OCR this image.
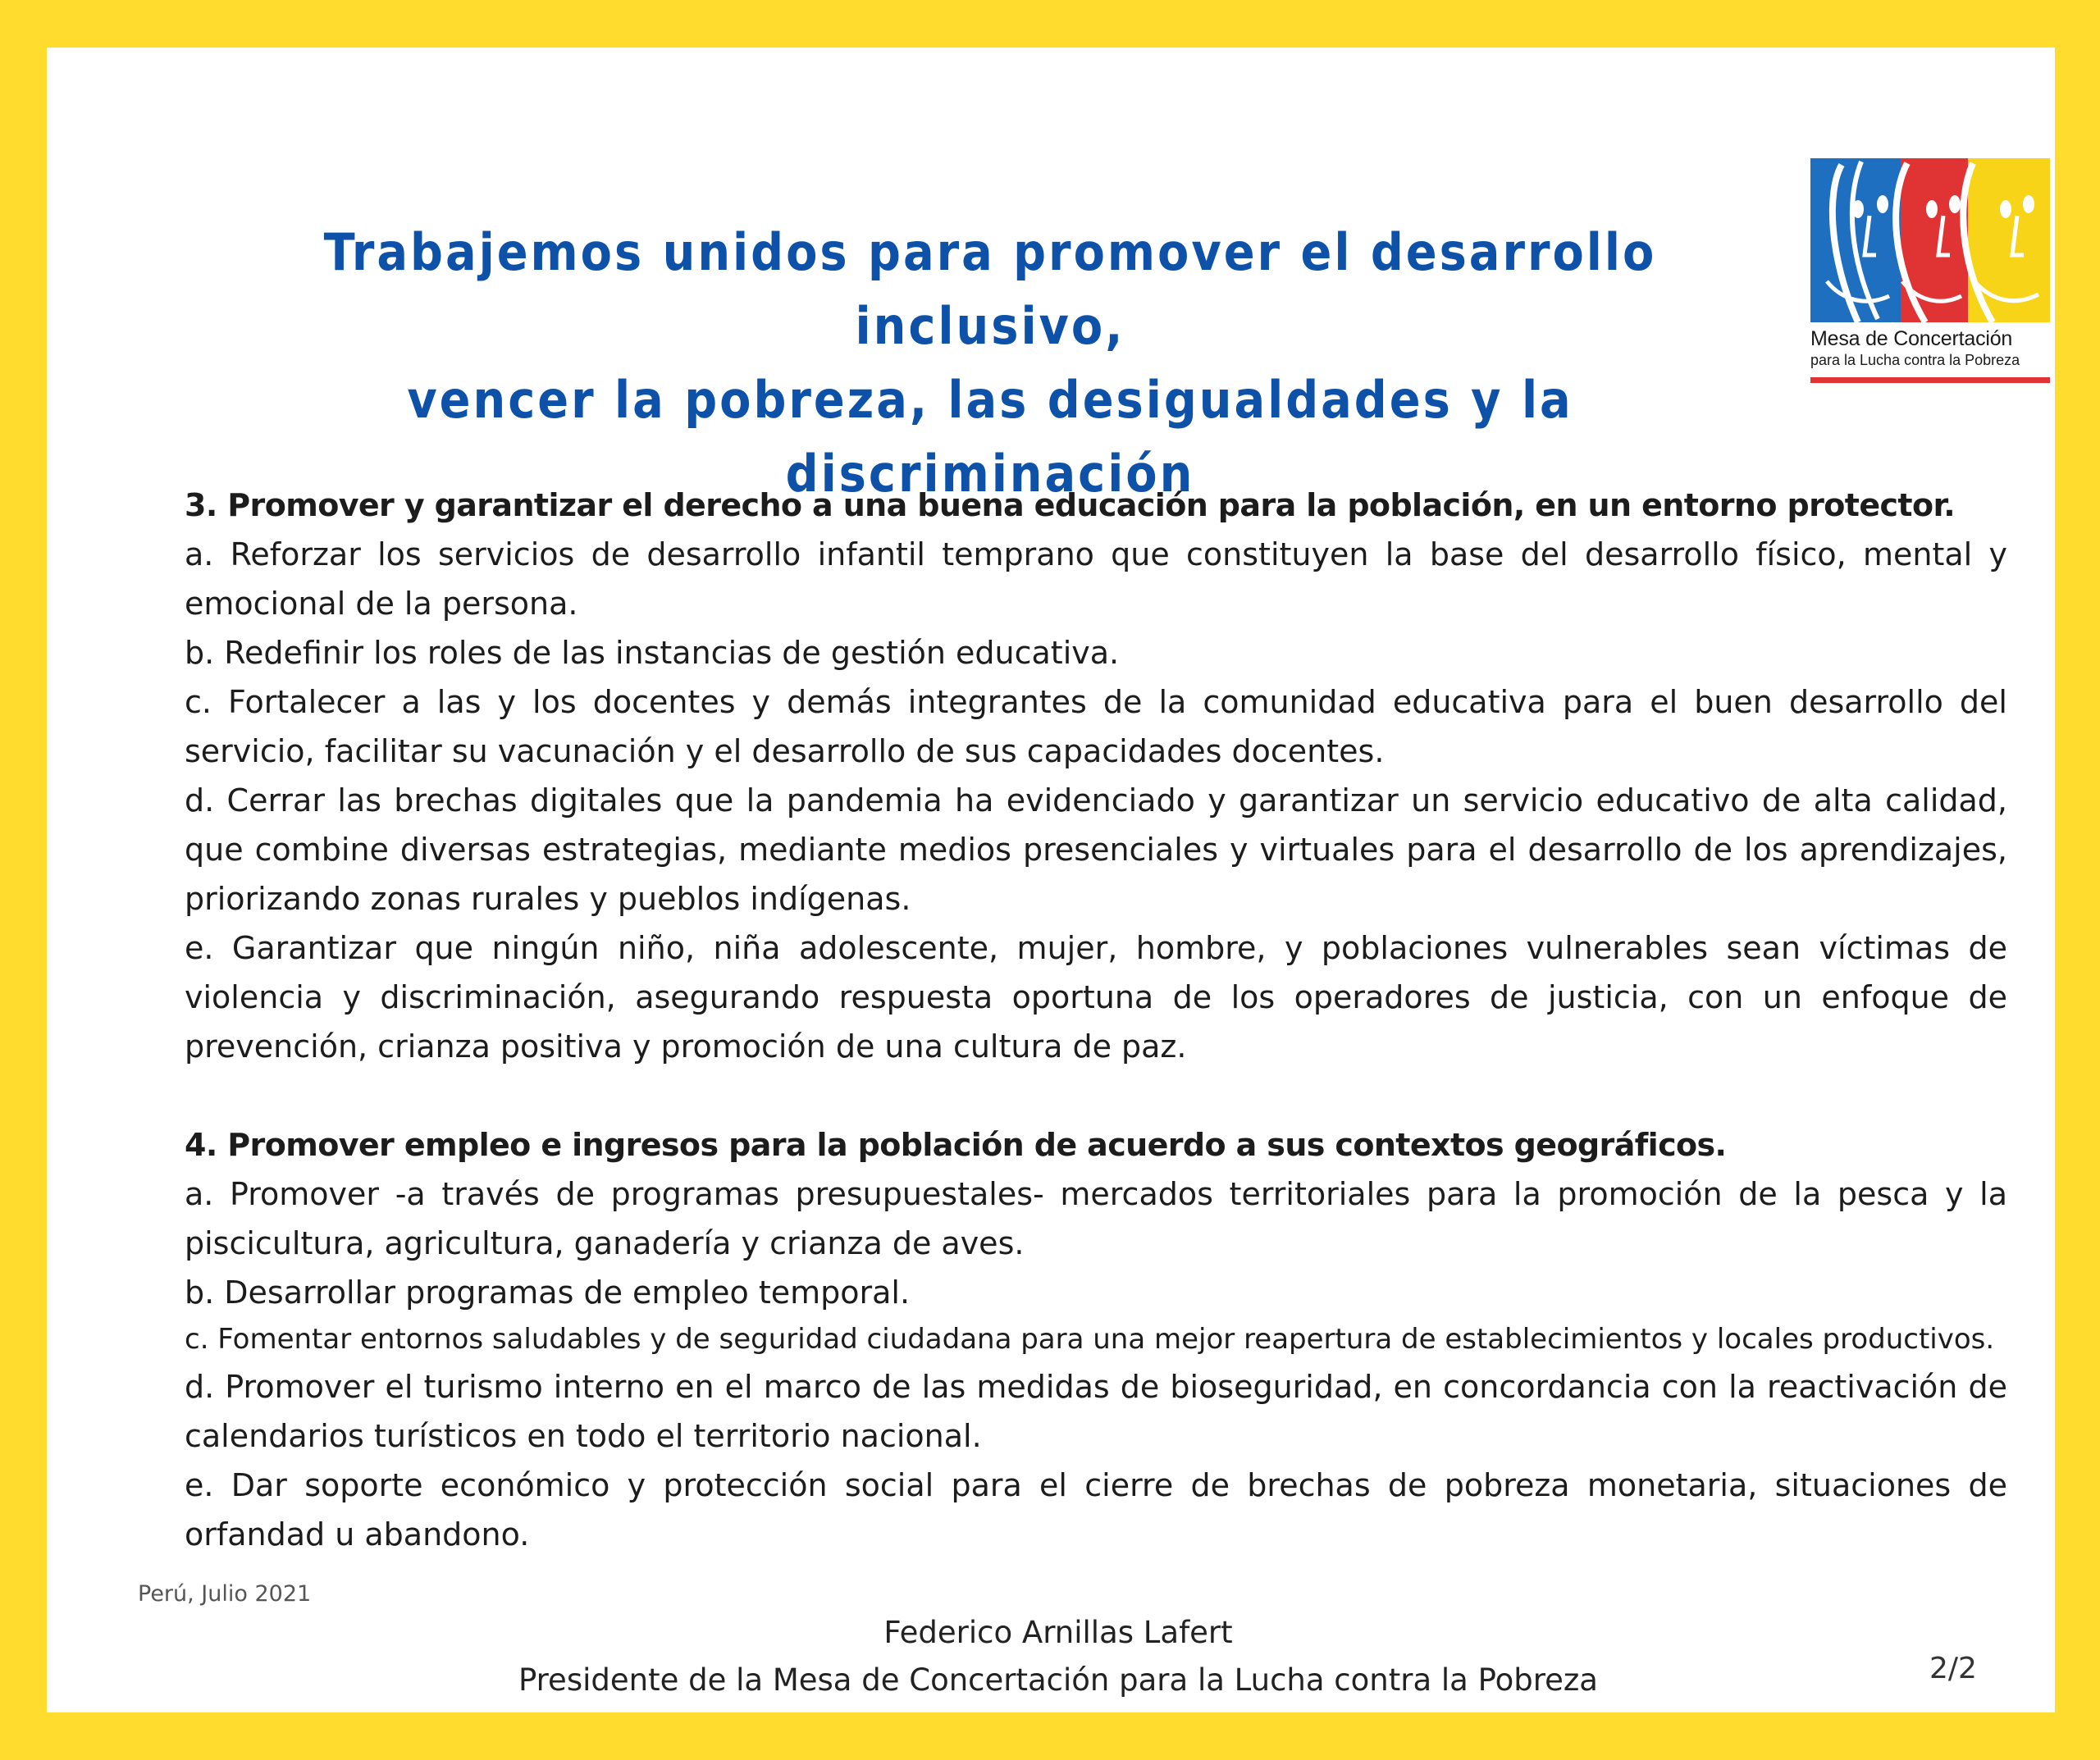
Trabajemos unidos para promover el desarrollo inclusivo,
vencer la pobreza, las desigualdades y la discriminación
Mesa de Concertación
para la Lucha contra la Pobreza

3. Promover y garantizar el derecho a una buena educación para la población, en un entorno protector.

a. Reforzar los servicios de desarrollo infantil temprano que constituyen la base del desarrollo físico, mental y emocional de la persona.

b. Redefinir los roles de las instancias de gestión educativa.

c. Fortalecer a las y los docentes y demás integrantes de la comunidad educativa para el buen desarrollo del servicio, facilitar su vacunación y el desarrollo de sus capacidades docentes.

d. Cerrar las brechas digitales que la pandemia ha evidenciado y garantizar un servicio educativo de alta calidad, que combine diversas estrategias, mediante medios presenciales y virtuales para el desarrollo de los aprendizajes, priorizando zonas rurales y pueblos indígenas.

e. Garantizar que ningún niño, niña adolescente, mujer, hombre, y poblaciones vulnerables sean víctimas de violencia y discriminación, asegurando respuesta oportuna de los operadores de justicia, con un enfoque de prevención, crianza positiva y promoción de una cultura de paz.

4. Promover empleo e ingresos para la población de acuerdo a sus contextos geográficos.

a. Promover -a través de programas presupuestales- mercados territoriales para la promoción de la pesca y la piscicultura, agricultura, ganadería y crianza de aves.

b. Desarrollar programas de empleo temporal.

c. Fomentar entornos saludables y de seguridad ciudadana para una mejor reapertura de establecimientos y locales productivos.

d. Promover el turismo interno en el marco de las medidas de bioseguridad, en concordancia con la reactivación de calendarios turísticos en todo el territorio nacional.

e. Dar soporte económico y protección social para el cierre de brechas de pobreza monetaria, situaciones de orfandad u abandono.

Perú, Julio 2021
Federico Arnillas Lafert
Presidente de la Mesa de Concertación para la Lucha contra la Pobreza	2/2
